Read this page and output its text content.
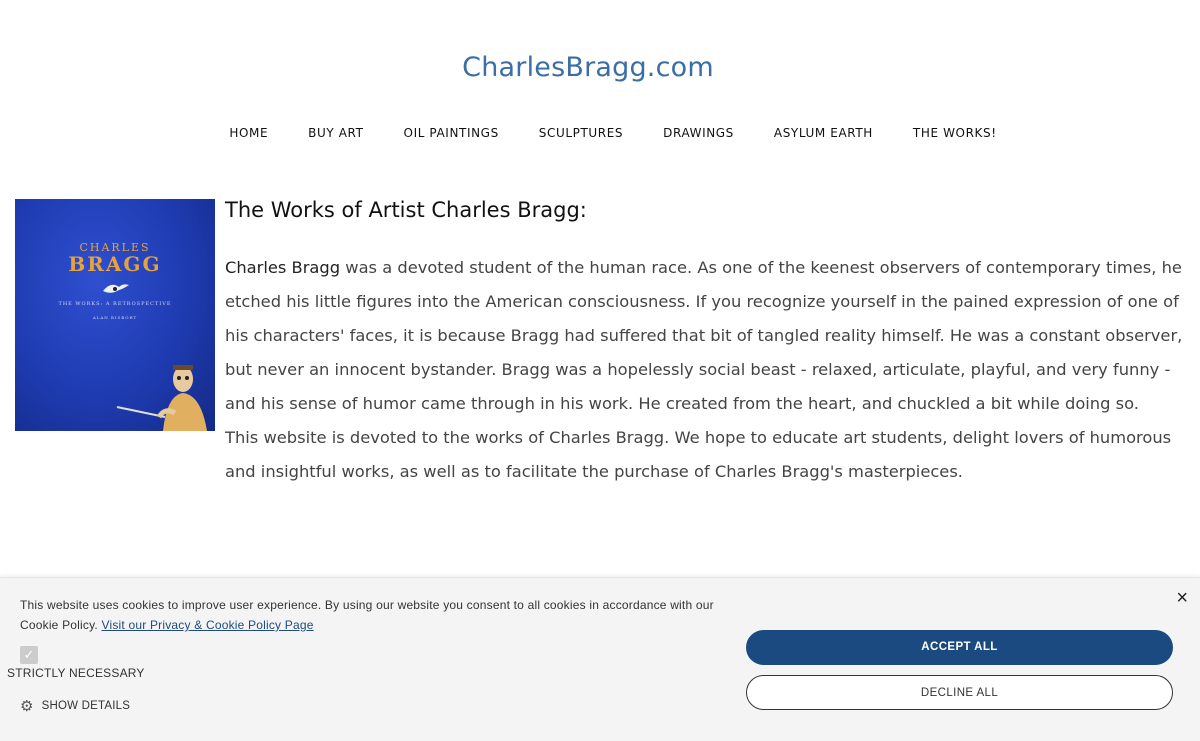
CharlesBragg.com
HOME	BUY ART	OIL PAINTINGS	SCULPTURES	DRAWINGS	ASYLUM EARTH	THE WORKS!
CHARLES
BRAGG
THE WORKS: A RETROSPECTIVE
ALAN BISBORT
The Works of Artist Charles Bragg:

Charles Bragg was a devoted student of the human race. As one of the keenest observers of contemporary times, he etched his little figures into the American consciousness. If you recognize yourself in the pained expression of one of his characters' faces, it is because Bragg had suffered that bit of tangled reality himself. He was a constant observer, but never an innocent bystander. Bragg was a hopelessly social beast - relaxed, articulate, playful, and very funny - and his sense of humor came through in his work. He created from the heart, and chuckled a bit while doing so.

This website is devoted to the works of Charles Bragg. We hope to educate art students, delight lovers of humorous and insightful works, as well as to facilitate the purchase of Charles Bragg's masterpieces.

This website uses cookies to improve user experience. By using our website you consent to all cookies in accordance with our Cookie Policy. Visit our Privacy & Cookie Policy Page
✓
STRICTLY NECESSARY
⚙ SHOW DETAILS
ACCEPT ALL
DECLINE ALL
×
